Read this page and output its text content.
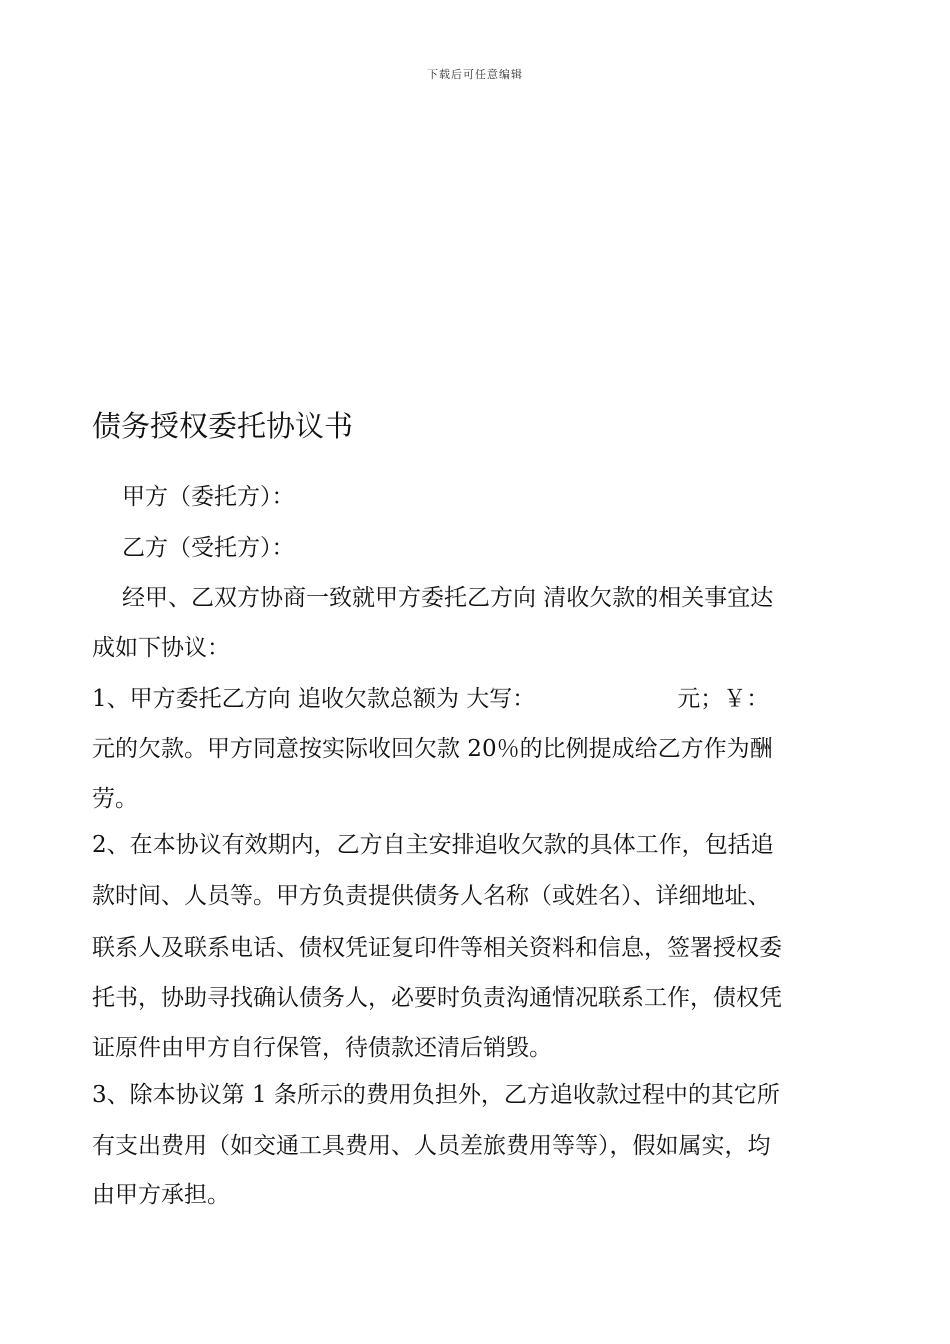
下载后可任意编辑
债务授权委托协议书
甲方（委托方）：
乙方（受托方）：
经甲、乙双方协商一致就甲方委托乙方向 清收欠款的相关事宜达
成如下协议：
1、甲方委托乙方向 追收欠款总额为 大写：	元；￥：
元的欠款。甲方同意按实际收回欠款 20％的比例提成给乙方作为酬
劳。
2、在本协议有效期内，乙方自主安排追收欠款的具体工作，包括追
款时间、人员等。甲方负责提供债务人名称（或姓名）、详细地址、
联系人及联系电话、债权凭证复印件等相关资料和信息，签署授权委
托书，协助寻找确认债务人，必要时负责沟通情况联系工作，债权凭
证原件由甲方自行保管，待债款还清后销毁。
3、除本协议第 1 条所示的费用负担外，乙方追收款过程中的其它所
有支出费用（如交通工具费用、人员差旅费用等等），假如属实，均
由甲方承担。
